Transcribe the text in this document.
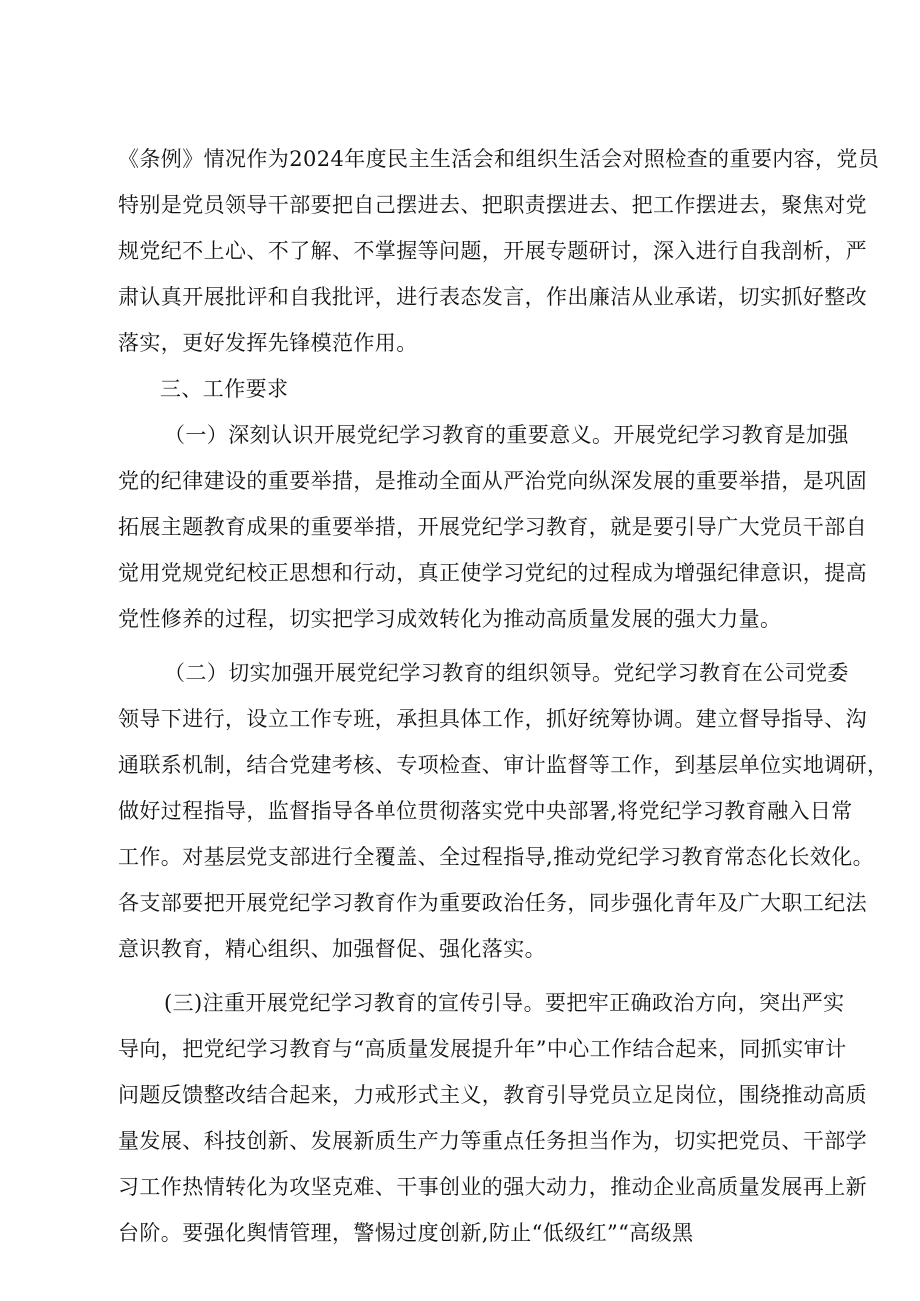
《条例》情况作为2024年度民主生活会和组织生活会对照检查的重要内容，党员
特别是党员领导干部要把自己摆进去、把职责摆进去、把工作摆进去，聚焦对党
规党纪不上心、不了解、不掌握等问题，开展专题研讨，深入进行自我剖析，严
肃认真开展批评和自我批评，进行表态发言，作出廉洁从业承诺，切实抓好整改
落实，更好发挥先锋模范作用。
三、工作要求
（一）深刻认识开展党纪学习教育的重要意义。开展党纪学习教育是加强
党的纪律建设的重要举措，是推动全面从严治党向纵深发展的重要举措，是巩固
拓展主题教育成果的重要举措，开展党纪学习教育，就是要引导广大党员干部自
觉用党规党纪校正思想和行动，真正使学习党纪的过程成为增强纪律意识，提高
党性修养的过程，切实把学习成效转化为推动高质量发展的强大力量。
（二）切实加强开展党纪学习教育的组织领导。党纪学习教育在公司党委
领导下进行，设立工作专班，承担具体工作，抓好统筹协调。建立督导指导、沟
通联系机制，结合党建考核、专项检查、审计监督等工作，到基层单位实地调研，
做好过程指导，监督指导各单位贯彻落实党中央部署,将党纪学习教育融入日常
工作。对基层党支部进行全覆盖、全过程指导,推动党纪学习教育常态化长效化。
各支部要把开展党纪学习教育作为重要政治任务，同步强化青年及广大职工纪法
意识教育，精心组织、加强督促、强化落实。
(三)注重开展党纪学习教育的宣传引导。要把牢正确政治方向，突出严实
导向，把党纪学习教育与“高质量发展提升年”中心工作结合起来，同抓实审计
问题反馈整改结合起来，力戒形式主义，教育引导党员立足岗位，围绕推动高质
量发展、科技创新、发展新质生产力等重点任务担当作为，切实把党员、干部学
习工作热情转化为攻坚克难、干事创业的强大动力，推动企业高质量发展再上新
台阶。要强化舆情管理，警惕过度创新,防止“低级红”“高级黑
